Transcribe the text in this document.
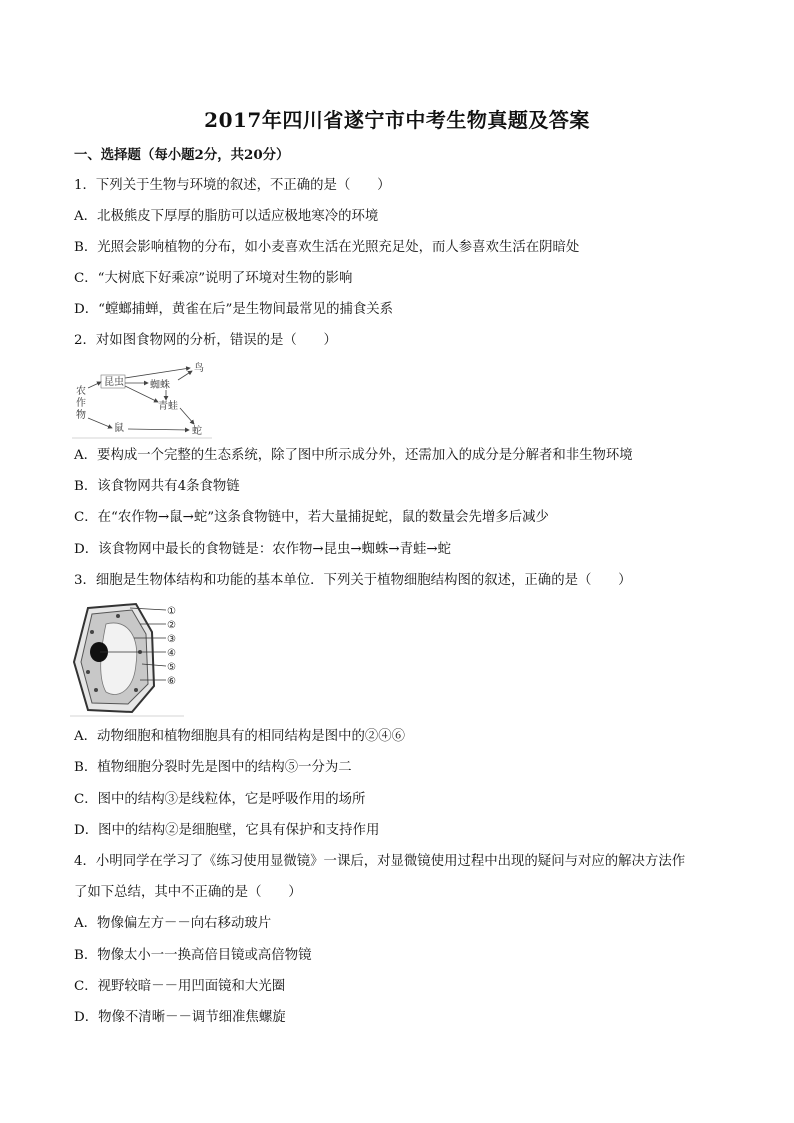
2017年四川省遂宁市中考生物真题及答案
一、选择题（每小题2分，共20分）
1．下列关于生物与环境的叙述，不正确的是（　　）
A．北极熊皮下厚厚的脂肪可以适应极地寒冷的环境
B．光照会影响植物的分布，如小麦喜欢生活在光照充足处，而人参喜欢生活在阴暗处
C．“大树底下好乘凉”说明了环境对生物的影响
D．“螳螂捕蝉，黄雀在后”是生物间最常见的捕食关系
2．对如图食物网的分析，错误的是（　　）
农
作
物
昆虫
鸟
蜘蛛
青蛙
鼠	蛇
A．要构成一个完整的生态系统，除了图中所示成分外，还需加入的成分是分解者和非生物环境
B．该食物网共有4条食物链
C．在“农作物→鼠→蛇”这条食物链中，若大量捕捉蛇，鼠的数量会先增多后减少
D．该食物网中最长的食物链是：农作物→昆虫→蜘蛛→青蛙→蛇
3．细胞是生物体结构和功能的基本单位．下列关于植物细胞结构图的叙述，正确的是（　　）
①
②
③
④
⑤
⑥
A．动物细胞和植物细胞具有的相同结构是图中的②④⑥
B．植物细胞分裂时先是图中的结构⑤一分为二
C．图中的结构③是线粒体，它是呼吸作用的场所
D．图中的结构②是细胞壁，它具有保护和支持作用
4．小明同学在学习了《练习使用显微镜》一课后，对显微镜使用过程中出现的疑问与对应的解决方法作
了如下总结，其中不正确的是（　　）
A．物像偏左方－－向右移动玻片
B．物像太小一一换高倍目镜或高倍物镜
C．视野较暗－－用凹面镜和大光圈
D．物像不清晰－－调节细准焦螺旋
